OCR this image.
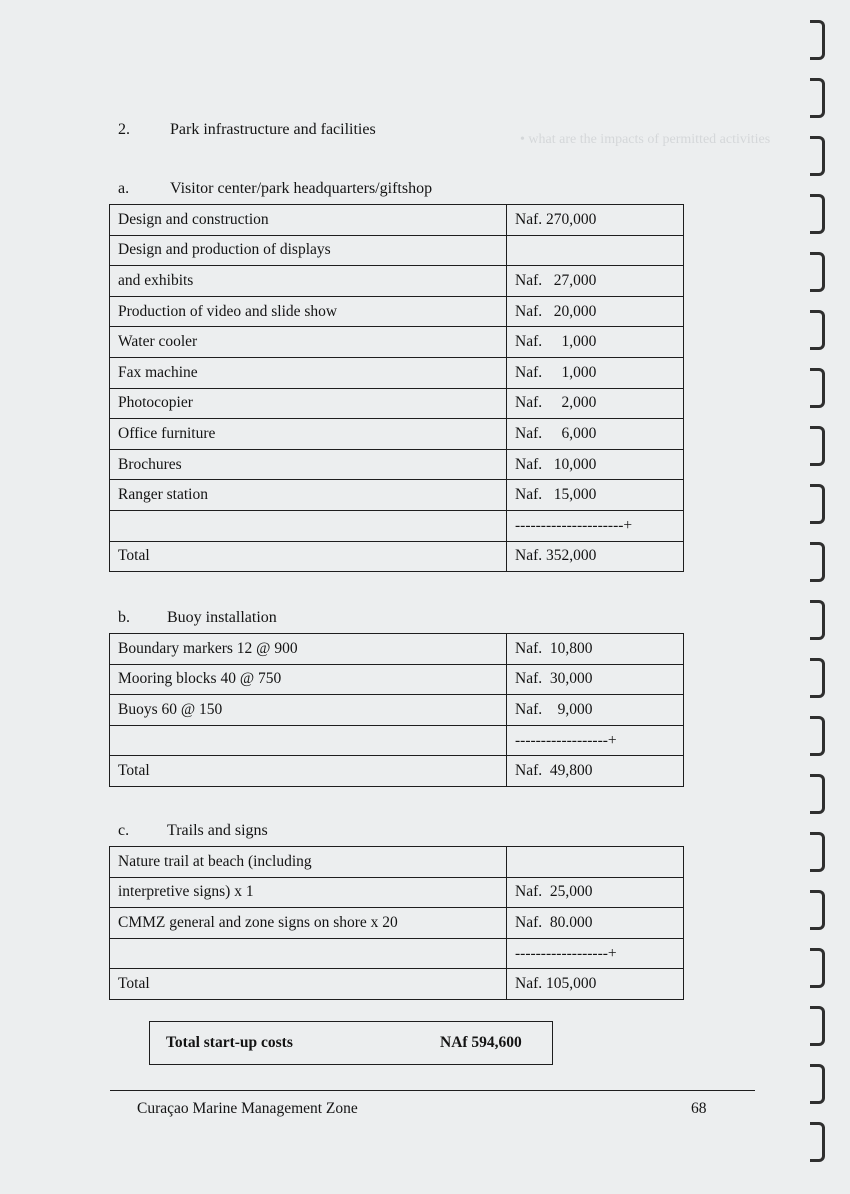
• what are the impacts of permitted activities
2.	Park infrastructure and facilities
a.	Visitor center/park headquarters/giftshop
Design and construction	Naf. 270,000
Design and production of displays	
and exhibits	Naf.   27,000
Production of video and slide show	Naf.   20,000
Water cooler	Naf.     1,000
Fax machine	Naf.     1,000
Photocopier	Naf.     2,000
Office furniture	Naf.     6,000
Brochures	Naf.   10,000
Ranger station	Naf.   15,000
	---------------------+
Total	Naf. 352,000
b. Buoy installation
Boundary markers 12 @ 900	Naf.  10,800
Mooring blocks 40 @ 750	Naf.  30,000
Buoys 60 @ 150	Naf.    9,000
	------------------+
Total	Naf.  49,800
c. Trails and signs
Nature trail at beach (including	
interpretive signs) x 1	Naf.  25,000
CMMZ general and zone signs on shore x 20	Naf.  80.000
	------------------+
Total	Naf. 105,000
Total start-up costs	NAf 594,600
Curaçao Marine Management Zone	68
